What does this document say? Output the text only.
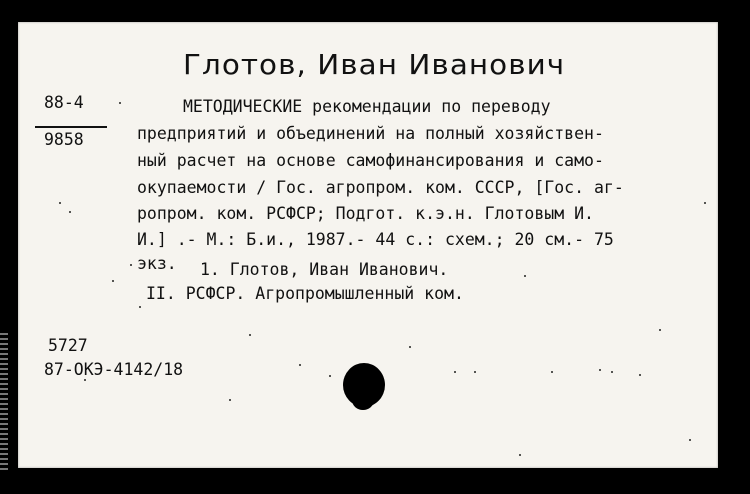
Глотов, Иван Иванович
88-4
9858
МЕТОДИЧЕСКИЕ рекомендации по переводу
предприятий и объединений на полный хозяйствен-
ный расчет на основе самофинансирования и само-
окупаемости / Гос. агропром. ком. СССР, [Гос. аг-
ропром. ком. РСФСР; Подгот. к.э.н. Глотовым И.
И.] .- М.: Б.и., 1987.- 44 с.: схем.; 20 см.- 75
экз. 1. Глотов, Иван Иванович.
II. РСФСР. Агропромышленный ком.
5727
87-ОКЭ-4142/18
